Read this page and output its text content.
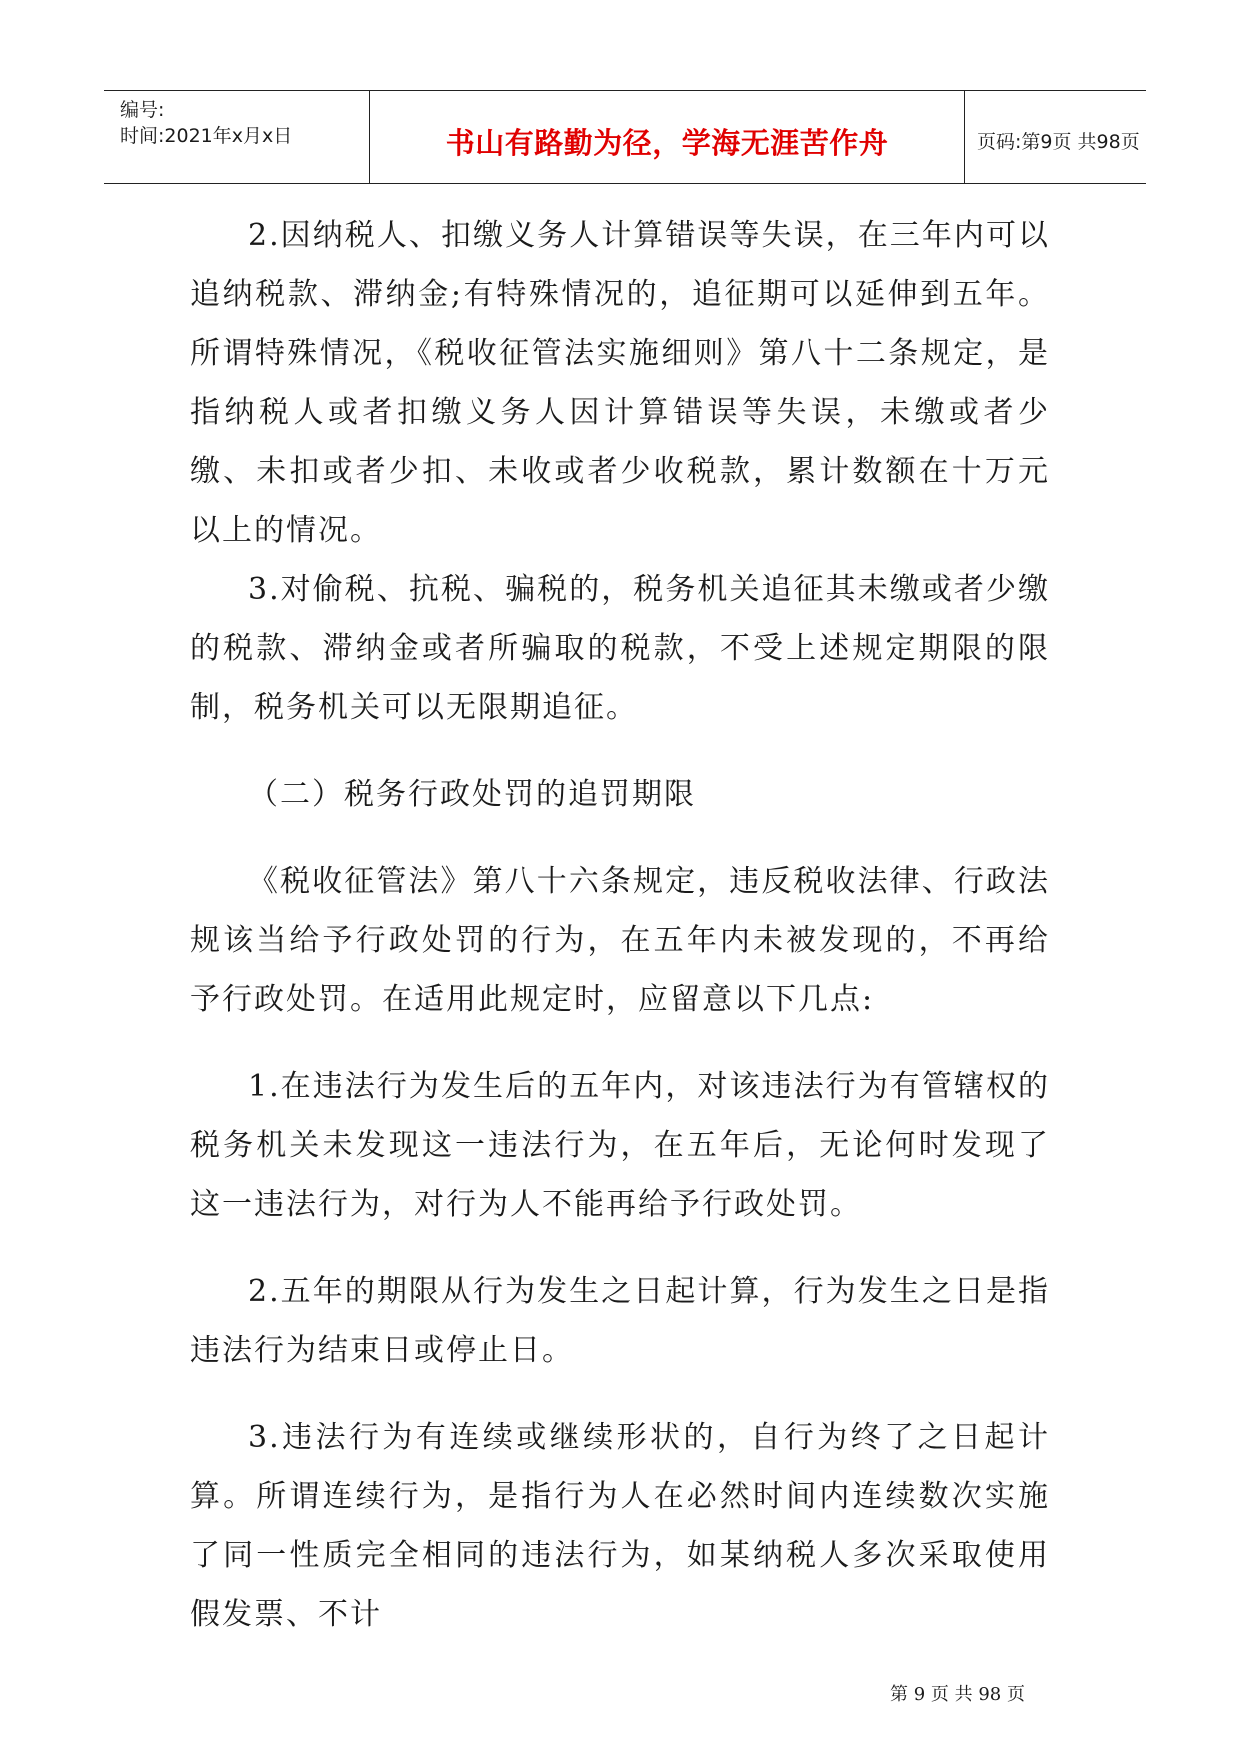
编号:
时间:2021年x月x日	书山有路勤为径，学海无涯苦作舟	页码:第9页 共98页

2.因纳税人、扣缴义务人计算错误等失误，在三年内可以追纳税款、滞纳金;有特殊情况的，追征期可以延伸到五年。所谓特殊情况，《税收征管法实施细则》第八十二条规定，是指纳税人或者扣缴义务人因计算错误等失误，未缴或者少缴、未扣或者少扣、未收或者少收税款，累计数额在十万元以上的情况。

3.对偷税、抗税、骗税的，税务机关追征其未缴或者少缴的税款、滞纳金或者所骗取的税款，不受上述规定期限的限制，税务机关可以无限期追征。

（二）税务行政处罚的追罚期限

《税收征管法》第八十六条规定，违反税收法律、行政法规该当给予行政处罚的行为，在五年内未被发现的，不再给予行政处罚。在适用此规定时，应留意以下几点:

1.在违法行为发生后的五年内，对该违法行为有管辖权的税务机关未发现这一违法行为，在五年后，无论何时发现了这一违法行为，对行为人不能再给予行政处罚。

2.五年的期限从行为发生之日起计算，行为发生之日是指违法行为结束日或停止日。

3.违法行为有连续或继续形状的，自行为终了之日起计算。所谓连续行为，是指行为人在必然时间内连续数次实施了同一性质完全相同的违法行为，如某纳税人多次采取使用假发票、不计

第 9 页 共 98 页
